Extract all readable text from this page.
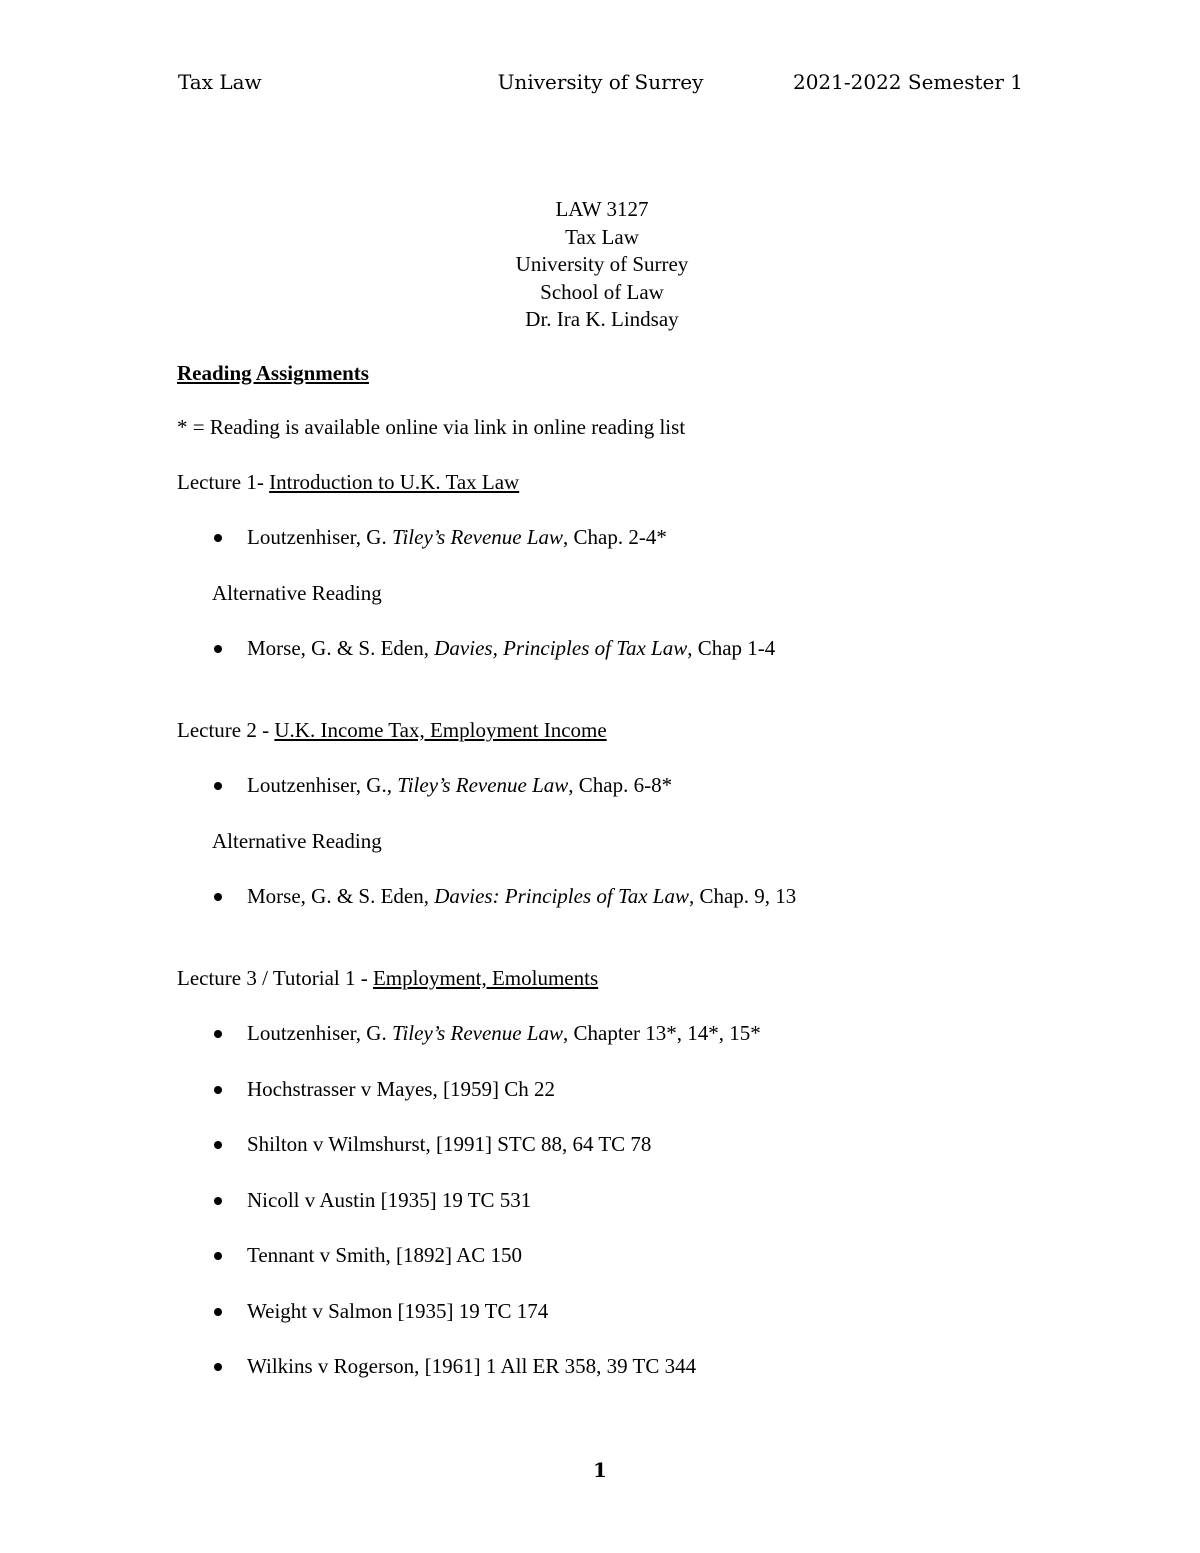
Tax Law	University of Surrey	2021-2022 Semester 1
LAW 3127
Tax Law
University of Surrey
School of Law
Dr. Ira K. Lindsay
Reading Assignments
* = Reading is available online via link in online reading list
Lecture 1- Introduction to U.K. Tax Law
Loutzenhiser, G. Tiley’s Revenue Law, Chap. 2-4*
Alternative Reading
Morse, G. & S. Eden, Davies, Principles of Tax Law, Chap 1-4
Lecture 2 - U.K. Income Tax, Employment Income
Loutzenhiser, G., Tiley’s Revenue Law, Chap. 6-8*
Alternative Reading
Morse, G. & S. Eden, Davies: Principles of Tax Law, Chap. 9, 13
Lecture 3 / Tutorial 1 - Employment, Emoluments
Loutzenhiser, G. Tiley’s Revenue Law, Chapter 13*, 14*, 15*
Hochstrasser v Mayes, [1959] Ch 22
Shilton v Wilmshurst, [1991] STC 88, 64 TC 78
Nicoll v Austin [1935] 19 TC 531
Tennant v Smith, [1892] AC 150
Weight v Salmon [1935] 19 TC 174
Wilkins v Rogerson, [1961] 1 All ER 358, 39 TC 344
1
